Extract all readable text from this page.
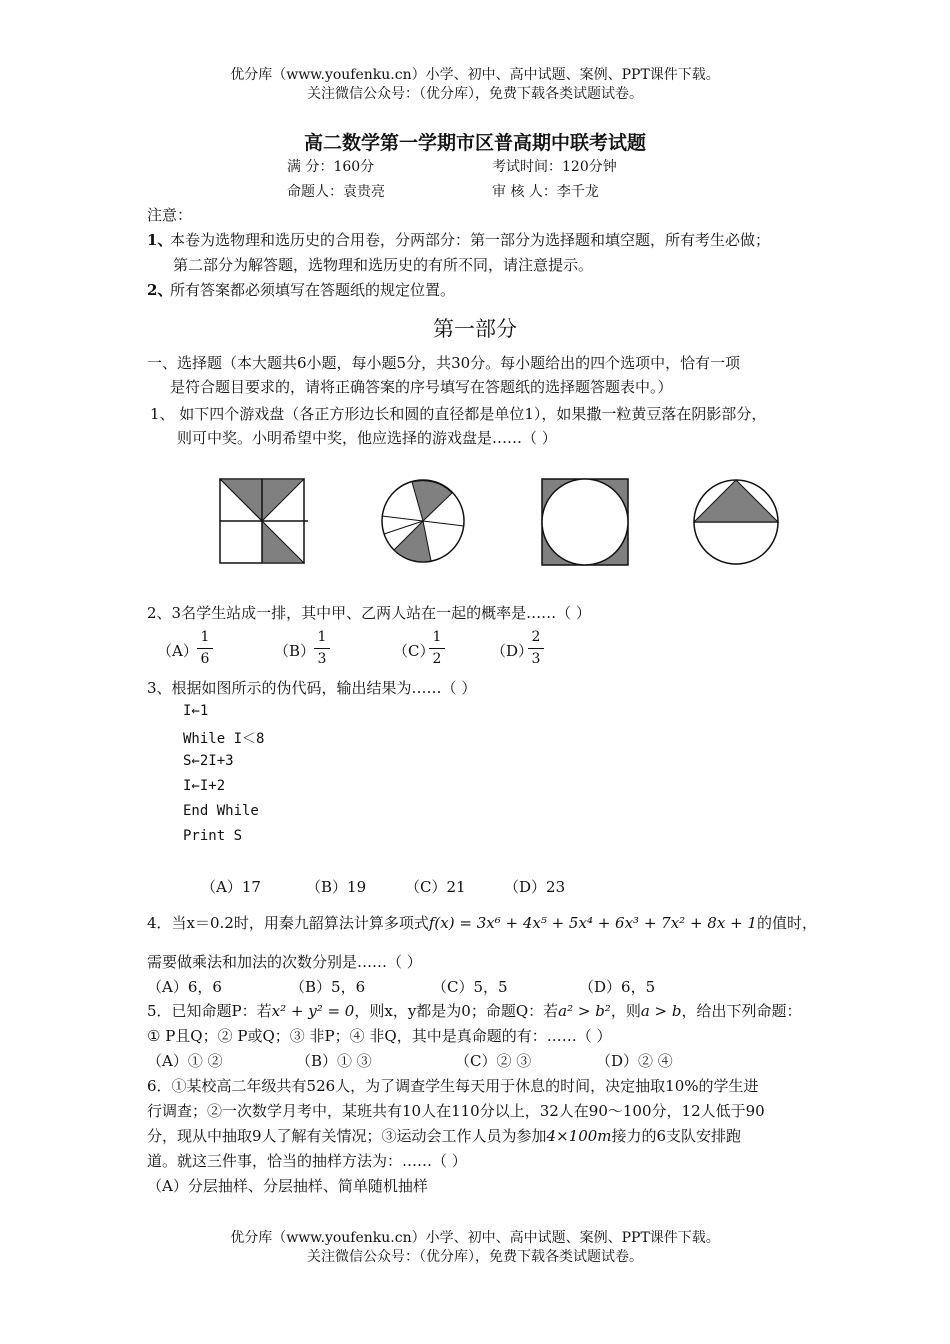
优分库（www.youfenku.cn）小学、初中、高中试题、案例、PPT课件下载。
关注微信公众号：（优分库），免费下载各类试题试卷。
高二数学第一学期市区普高期中联考试题
满 分：160分	考试时间：120分钟
命题人：袁贵亮	审 核 人：李千龙
注意：
1、
本卷为选物理和选历史的合用卷，分两部分：第一部分为选择题和填空题，所有考生必做；
第二部分为解答题，选物理和选历史的有所不同，请注意提示。
2、
所有答案都必须填写在答题纸的规定位置。
第一部分
一、选择题（本大题共6小题，每小题5分，共30分。每小题给出的四个选项中，恰有一项
是符合题目要求的，请将正确答案的序号填写在答题纸的选择题答题表中。）
1、 如下四个游戏盘（各正方形边长和圆的直径都是单位1），如果撒一粒黄豆落在阴影部分，
则可中奖。小明希望中奖，他应选择的游戏盘是……（ ）
2、3名学生站成一排，其中甲、乙两人站在一起的概率是……（ ）
（A）
1
6	（B）
1
3	（C）
1
2	（D）
2
3
3、根据如图所示的伪代码，输出结果为……（ ）
I←1
While I＜8
S←2I+3
I←I+2
End While
Print S
（A）17	（B）19	（C）21	（D）23
4．当x＝0.2时，用秦九韶算法计算多项式f(x) = 3x⁶ + 4x⁵ + 5x⁴ + 6x³ + 7x² + 8x + 1的值时，
需要做乘法和加法的次数分别是……（ ）
（A）6，6	（B）5，6	（C）5，5	（D）6，5
5．已知命题P：若x² + y² = 0，则x，y都是为0；命题Q：若a² > b²，则a > b，给出下列命题：
① P且Q；② P或Q；③ 非P；④ 非Q，其中是真命题的有：……（ ）
（A）① ②	（B）① ③	（C）② ③	（D）② ④
6．①某校高二年级共有526人，为了调查学生每天用于休息的时间，决定抽取10%的学生进
行调查；②一次数学月考中，某班共有10人在110分以上，32人在90～100分，12人低于90
分，现从中抽取9人了解有关情况；③运动会工作人员为参加4×100m接力的6支队安排跑
道。就这三件事，恰当的抽样方法为：……（ ）
（A）分层抽样、分层抽样、简单随机抽样
优分库（www.youfenku.cn）小学、初中、高中试题、案例、PPT课件下载。
关注微信公众号：（优分库），免费下载各类试题试卷。
